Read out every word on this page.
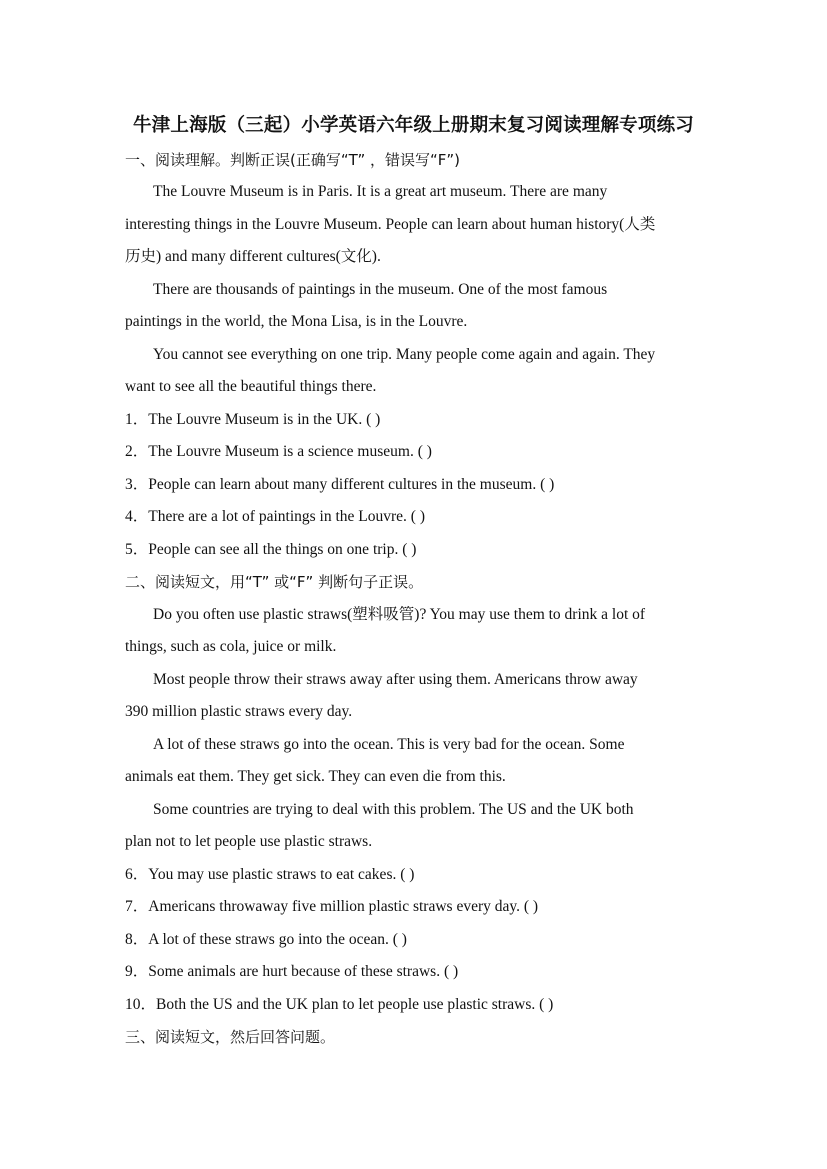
牛津上海版（三起）小学英语六年级上册期末复习阅读理解专项练习
一、阅读理解。判断正误(正确写“T” ，错误写“F”)
The Louvre Museum is in Paris. It is a great art museum. There are many
interesting things in the Louvre Museum. People can learn about human history(人类
历史) and many different cultures(文化).
There are thousands of paintings in the museum. One of the most famous
paintings in the world, the Mona Lisa, is in the Louvre.
You cannot see everything on one trip. Many people come again and again. They
want to see all the beautiful things there.
1．The Louvre Museum is in the UK. ( )
2．The Louvre Museum is a science museum. ( )
3．People can learn about many different cultures in the museum. ( )
4．There are a lot of paintings in the Louvre. ( )
5．People can see all the things on one trip. ( )
二、阅读短文，用“T” 或“F” 判断句子正误。
Do you often use plastic straws(塑料吸管)? You may use them to drink a lot of
things, such as cola, juice or milk.
Most people throw their straws away after using them. Americans throw away
390 million plastic straws every day.
A lot of these straws go into the ocean. This is very bad for the ocean. Some
animals eat them. They get sick. They can even die from this.
Some countries are trying to deal with this problem. The US and the UK both
plan not to let people use plastic straws.
6．You may use plastic straws to eat cakes. ( )
7．Americans throwaway five million plastic straws every day. ( )
8．A lot of these straws go into the ocean. ( )
9．Some animals are hurt because of these straws. ( )
10．Both the US and the UK plan to let people use plastic straws. ( )
三、阅读短文，然后回答问题。
